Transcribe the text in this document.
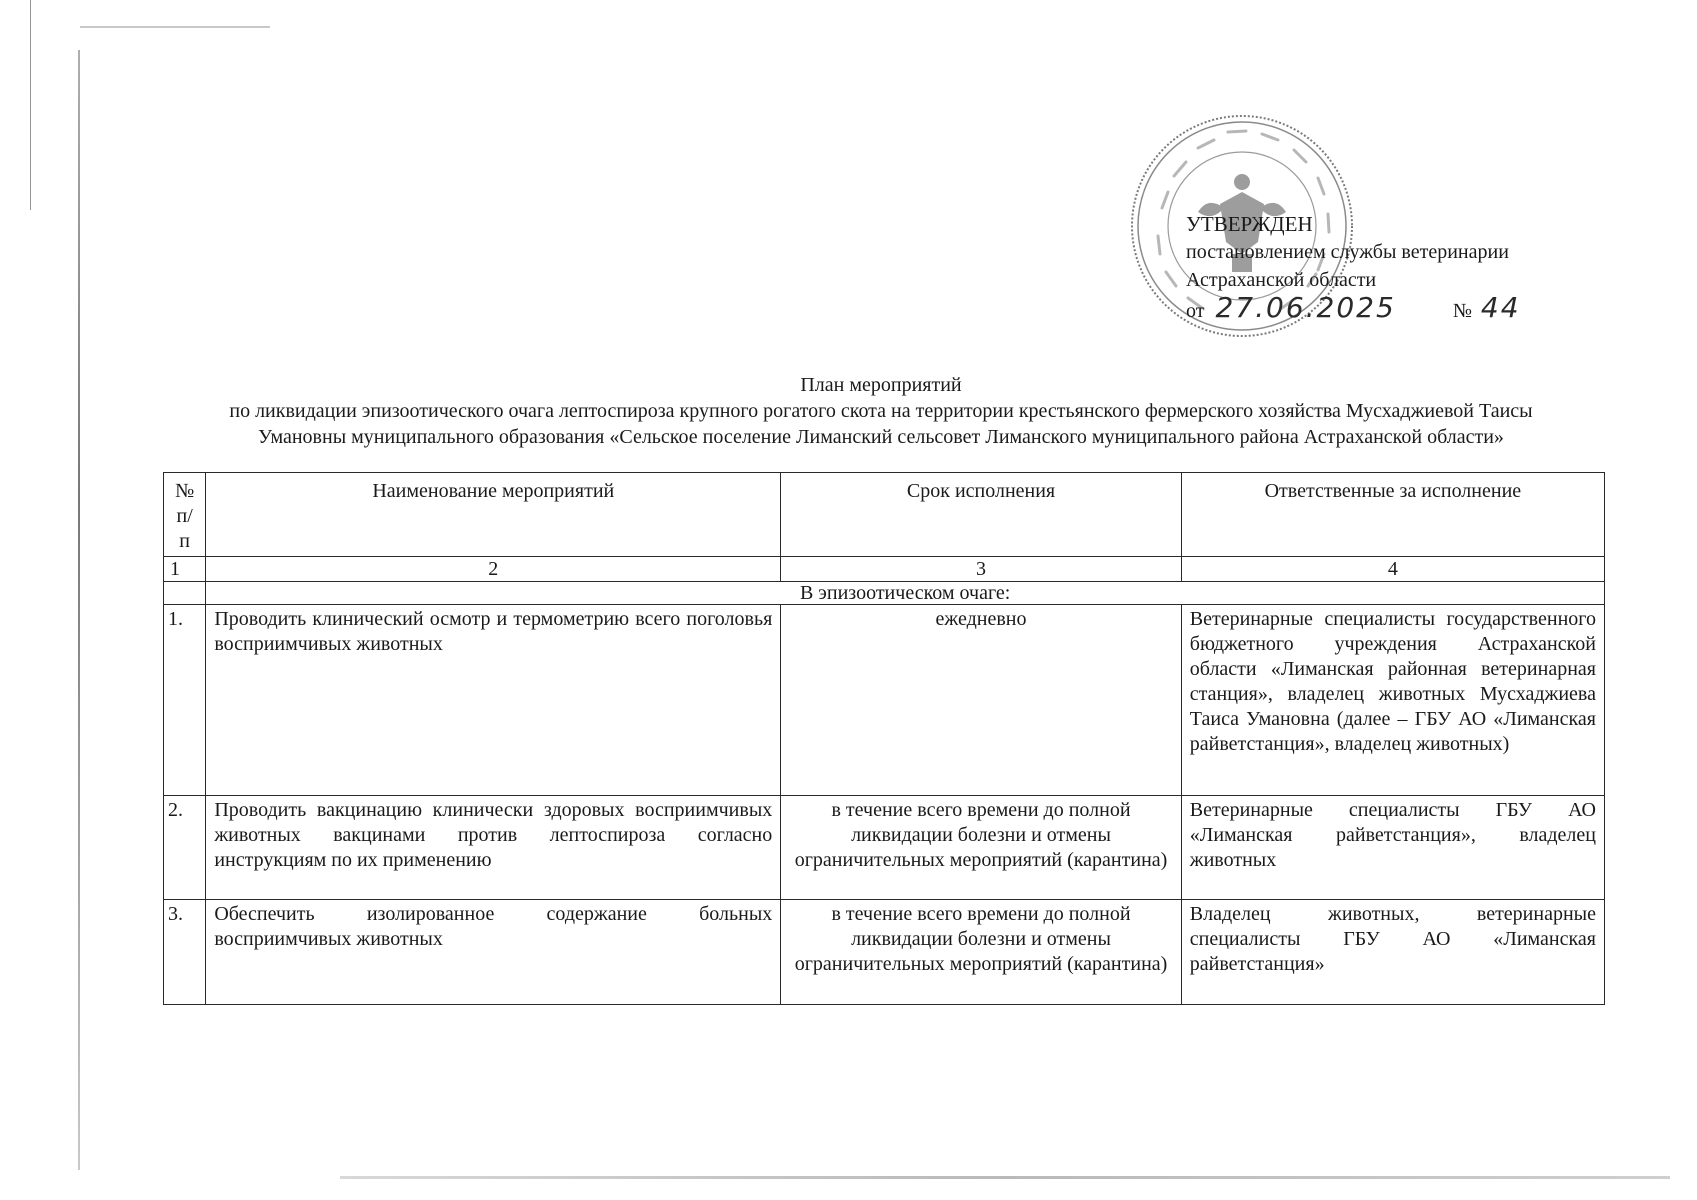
УТВЕРЖДЕН
постановлением службы ветеринарии
Астраханской области
от 27.06.2025	№ 44
План мероприятий
по ликвидации эпизоотического очага лептоспироза крупного рогатого скота на территории крестьянского фермерского хозяйства Мусхаджиевой Таисы Умановны муниципального образования «Сельское поселение Лиманский сельсовет Лиманского муниципального района Астраханской области»
№ п/п	Наименование мероприятий	Срок исполнения	Ответственные за исполнение
1	2	3	4
	В эпизоотическом очаге:		
1.	Проводить клинический осмотр и термометрию всего поголовья восприимчивых животных	ежедневно	Ветеринарные специалисты государственного бюджетного учреждения Астраханской области «Лиманская районная ветеринарная станция», владелец животных Мусхаджиева Таиса Умановна (далее – ГБУ АО «Лиманская райветстанция», владелец животных)
2.	Проводить вакцинацию клинически здоровых восприимчивых животных вакцинами против лептоспироза согласно инструкциям по их применению	в течение всего времени до полной ликвидации болезни и отмены ограничительных мероприятий (карантина)	Ветеринарные специалисты ГБУ АО «Лиманская райветстанция», владелец животных
3.	Обеспечить изолированное содержание больных восприимчивых животных	в течение всего времени до полной ликвидации болезни и отмены ограничительных мероприятий (карантина)	Владелец животных, ветеринарные специалисты ГБУ АО «Лиманская райветстанция»
